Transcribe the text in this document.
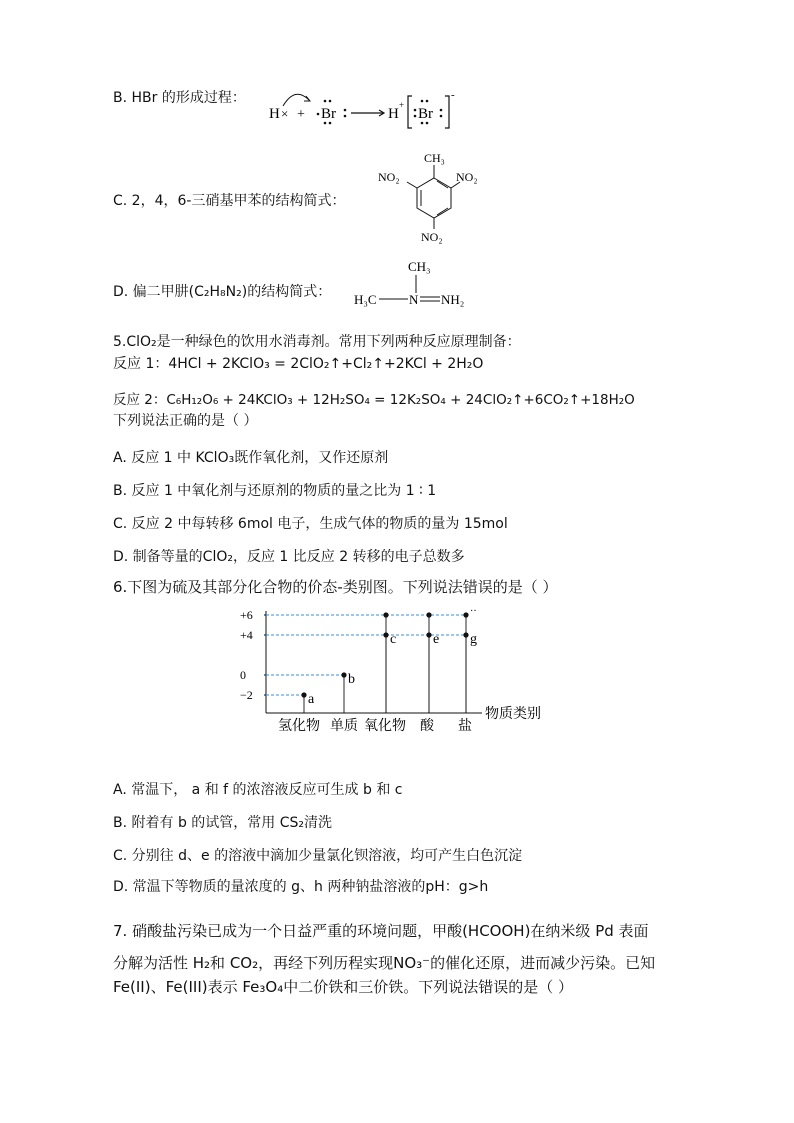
B. HBr 的形成过程：
H × + Br	H
+
Br
-
C. 2，4，6-三硝基甲苯的结构简式：
CH₃
NO₂	NO₂
NO₂
D. 偏二甲肼(C₂H₈N₂)的结构简式：
CH₃
H₃C N NH₂
5.ClO₂是一种绿色的饮用水消毒剂。常用下列两种反应原理制备：
反应 1：4HCl + 2KClO₃ = 2ClO₂↑+Cl₂↑+2KCl + 2H₂O
反应 2：C₆H₁₂O₆ + 24KClO₃ + 12H₂SO₄ = 12K₂SO₄ + 24ClO₂↑+6CO₂↑+18H₂O
下列说法正确的是（ ）
A. 反应 1 中 KClO₃既作氧化剂，又作还原剂
B. 反应 1 中氧化剂与还原剂的物质的量之比为 1 ∶ 1
C. 反应 2 中每转移 6mol 电子，生成气体的物质的量为 15mol
D. 制备等量的ClO₂，反应 1 比反应 2 转移的电子总数多
6.下图为硫及其部分化合物的价态-类别图。下列说法错误的是（ ）
+6
+4
0
−2	a
b
c	e g
··
氢化物 单质 氧化物 酸 盐
物质类别
A. 常温下， a 和 f 的浓溶液反应可生成 b 和 c
B. 附着有 b 的试管，常用 CS₂清洗
C. 分别往 d、e 的溶液中滴加少量氯化钡溶液，均可产生白色沉淀
D. 常温下等物质的量浓度的 g、h 两种钠盐溶液的pH：g>h
7. 硝酸盐污染已成为一个日益严重的环境问题，甲酸(HCOOH)在纳米级 Pd 表面
分解为活性 H₂和 CO₂，再经下列历程实现NO₃⁻的催化还原，进而减少污染。已知
Fe(II)、Fe(III)表示 Fe₃O₄中二价铁和三价铁。下列说法错误的是（ ）
